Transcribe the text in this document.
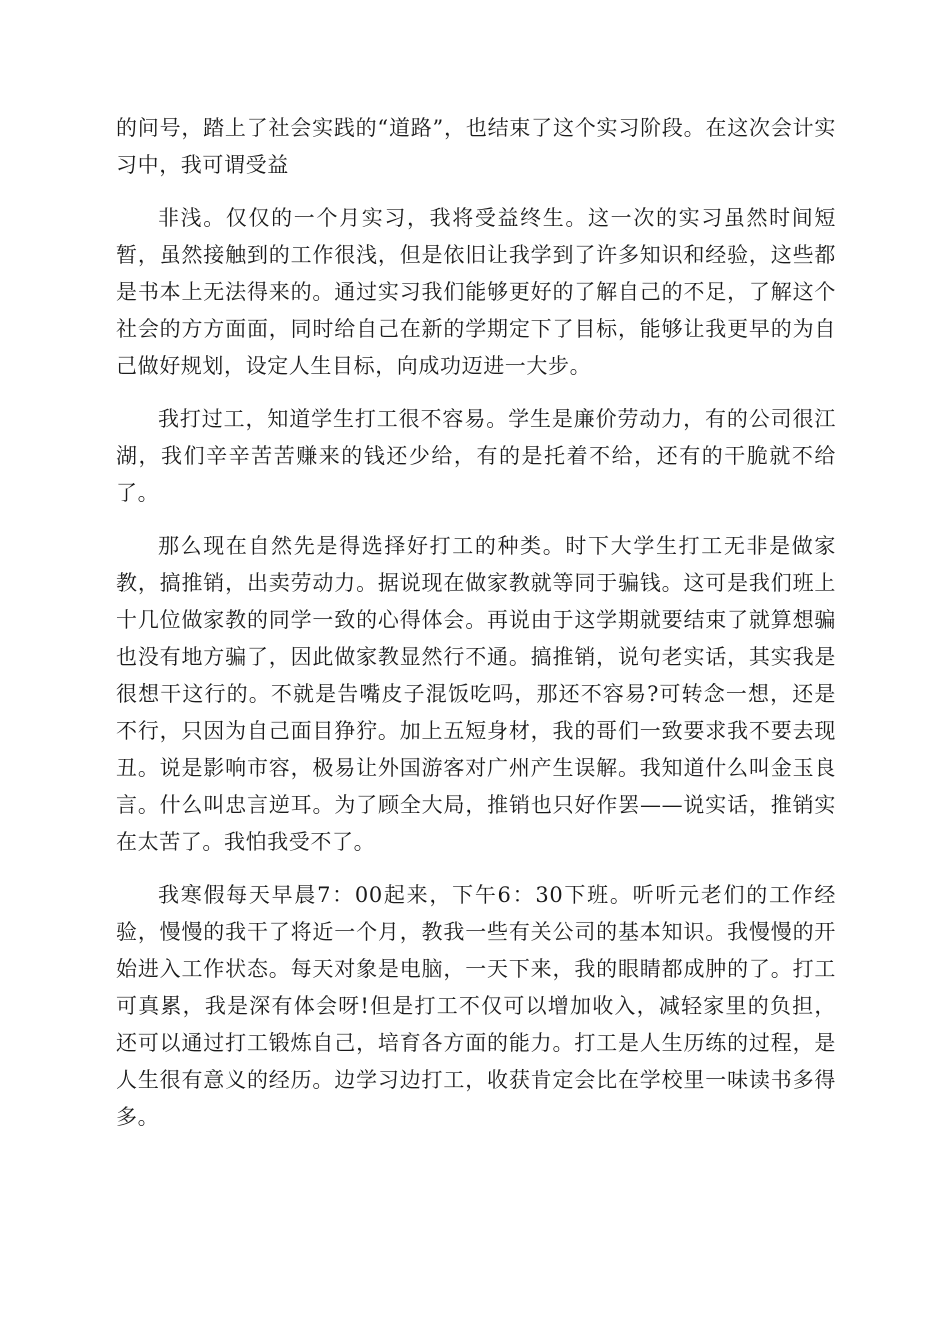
的问号，踏上了社会实践的“道路”，也结束了这个实习阶段。在这次会计实习中，我可谓受益

非浅。仅仅的一个月实习，我将受益终生。这一次的实习虽然时间短暂，虽然接触到的工作很浅，但是依旧让我学到了许多知识和经验，这些都是书本上无法得来的。通过实习我们能够更好的了解自己的不足，了解这个社会的方方面面，同时给自己在新的学期定下了目标，能够让我更早的为自己做好规划，设定人生目标，向成功迈进一大步。

我打过工，知道学生打工很不容易。学生是廉价劳动力，有的公司很江湖，我们辛辛苦苦赚来的钱还少给，有的是托着不给，还有的干脆就不给了。

那么现在自然先是得选择好打工的种类。时下大学生打工无非是做家教，搞推销，出卖劳动力。据说现在做家教就等同于骗钱。这可是我们班上十几位做家教的同学一致的心得体会。再说由于这学期就要结束了就算想骗也没有地方骗了，因此做家教显然行不通。搞推销，说句老实话，其实我是很想干这行的。不就是告嘴皮子混饭吃吗，那还不容易?可转念一想，还是不行，只因为自己面目狰狞。加上五短身材，我的哥们一致要求我不要去现丑。说是影响市容，极易让外国游客对广州产生误解。我知道什么叫金玉良言。什么叫忠言逆耳。为了顾全大局，推销也只好作罢——说实话，推销实在太苦了。我怕我受不了。

我寒假每天早晨7：00起来，下午6：30下班。听听元老们的工作经验，慢慢的我干了将近一个月，教我一些有关公司的基本知识。我慢慢的开始进入工作状态。每天对象是电脑，一天下来，我的眼睛都成肿的了。打工可真累，我是深有体会呀!但是打工不仅可以增加收入，减轻家里的负担，还可以通过打工锻炼自己，培育各方面的能力。打工是人生历练的过程，是人生很有意义的经历。边学习边打工，收获肯定会比在学校里一味读书多得多。
